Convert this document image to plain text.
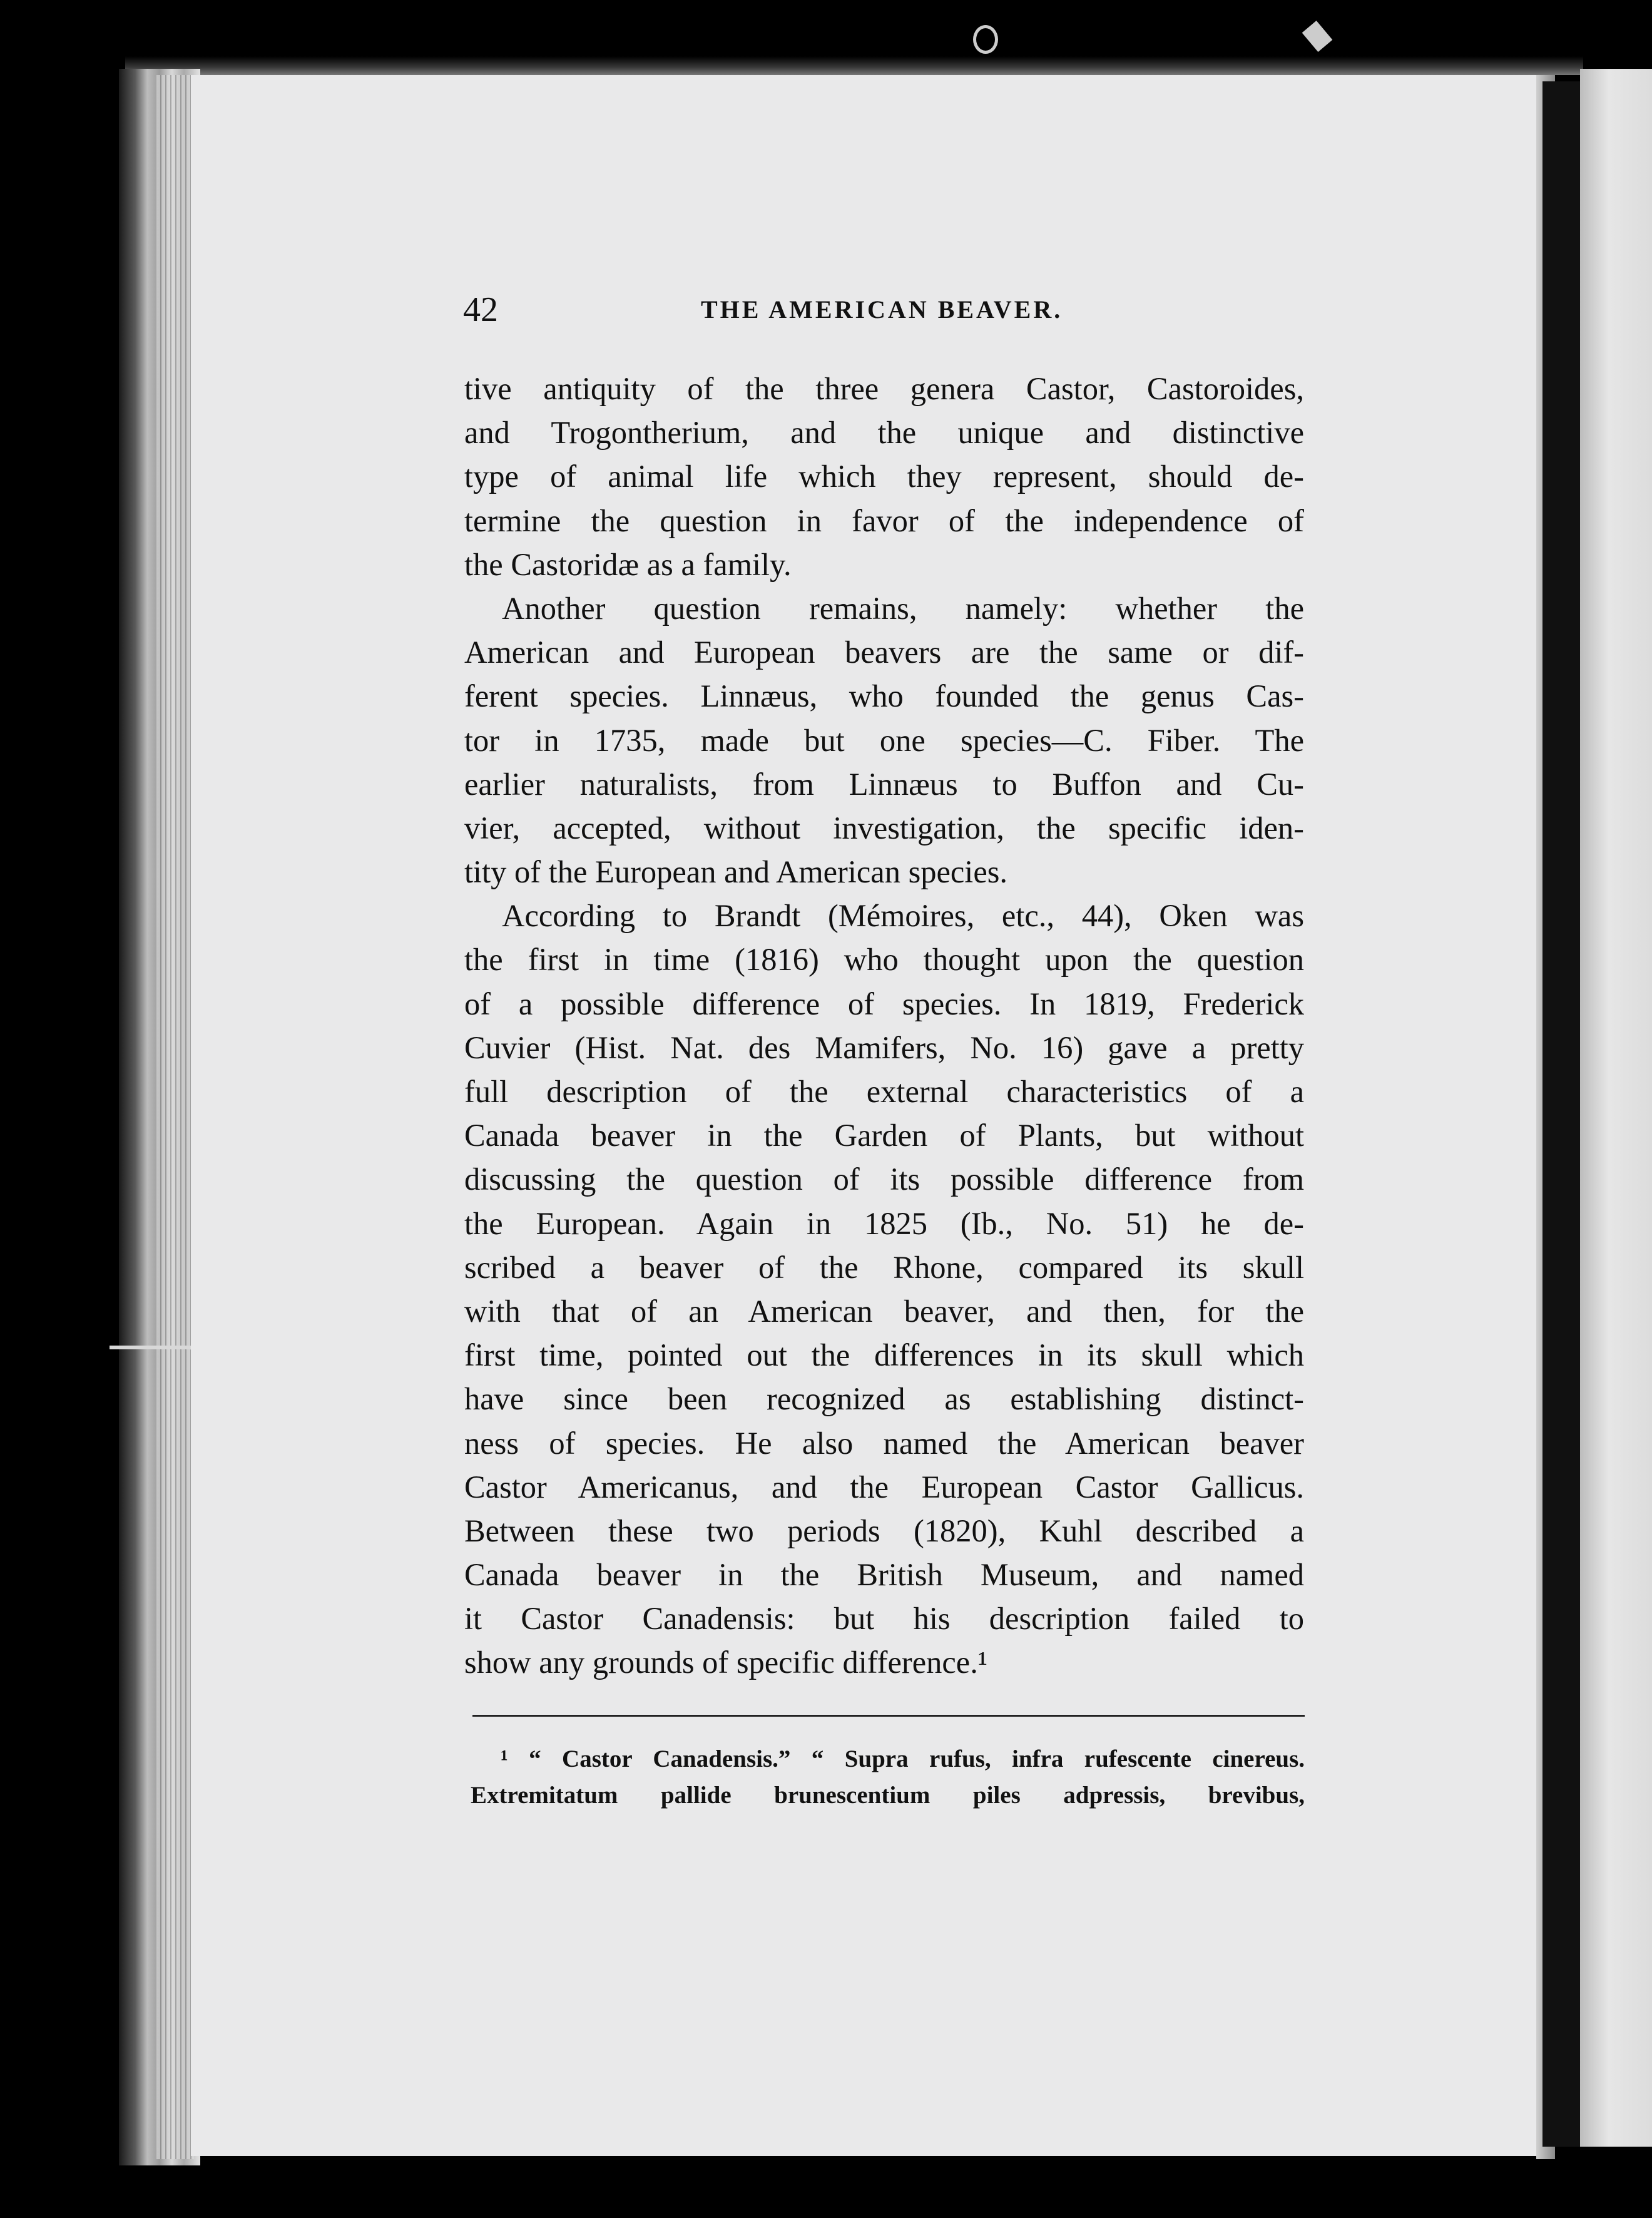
42	THE AMERICAN BEAVER.
tive antiquity of the three genera Castor, Castoroides,
and Trogontherium, and the unique and distinctive
type of animal life which they represent, should de-
termine the question in favor of the independence of
the Castoridæ as a family.
Another question remains, namely: whether the
American and European beavers are the same or dif-
ferent species. Linnæus, who founded the genus Cas-
tor in 1735, made but one species—C. Fiber. The
earlier naturalists, from Linnæus to Buffon and Cu-
vier, accepted, without investigation, the specific iden-
tity of the European and American species.
According to Brandt (Mémoires, etc., 44), Oken was
the first in time (1816) who thought upon the question
of a possible difference of species. In 1819, Frederick
Cuvier (Hist. Nat. des Mamifers, No. 16) gave a pretty
full description of the external characteristics of a
Canada beaver in the Garden of Plants, but without
discussing the question of its possible difference from
the European. Again in 1825 (Ib., No. 51) he de-
scribed a beaver of the Rhone, compared its skull
with that of an American beaver, and then, for the
first time, pointed out the differences in its skull which
have since been recognized as establishing distinct-
ness of species. He also named the American beaver
Castor Americanus, and the European Castor Gallicus.
Between these two periods (1820), Kuhl described a
Canada beaver in the British Museum, and named
it Castor Canadensis: but his description failed to
show any grounds of specific difference.¹
¹ “ Castor Canadensis.” “ Supra rufus, infra rufescente cinereus.
Extremitatum pallide brunescentium piles adpressis, brevibus,
